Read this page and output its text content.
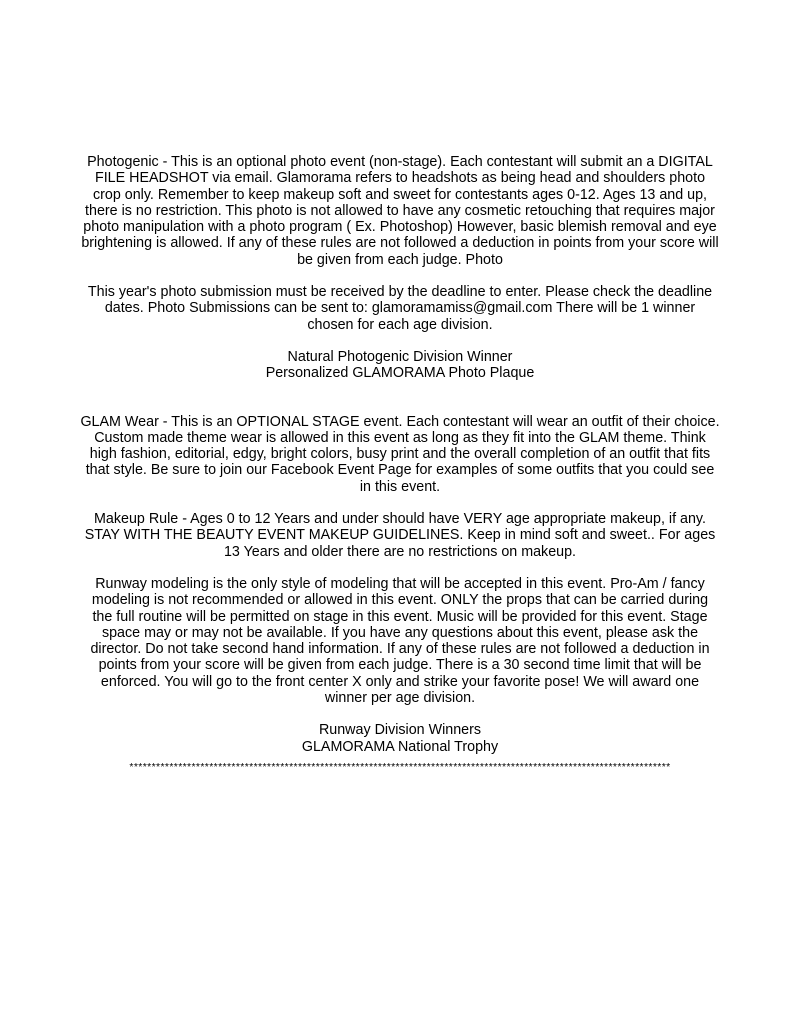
Photogenic - This is an optional photo event (non-stage). Each contestant will submit an a DIGITAL FILE HEADSHOT via email. Glamorama refers to headshots as being head and shoulders photo crop only. Remember to keep makeup soft and sweet for contestants ages 0-12. Ages 13 and up, there is no restriction. This photo is not allowed to have any cosmetic retouching that requires major photo manipulation with a photo program ( Ex. Photoshop) However, basic blemish removal and eye brightening is allowed. If any of these rules are not followed a deduction in points from your score will be given from each judge. Photo
This year's photo submission must be received by the deadline to enter. Please check the deadline dates. Photo Submissions can be sent to: glamoramamiss@gmail.com There will be 1 winner chosen for each age division.
Natural Photogenic Division Winner
Personalized GLAMORAMA Photo Plaque
GLAM Wear - This is an OPTIONAL STAGE event. Each contestant will wear an outfit of their choice. Custom made theme wear is allowed in this event as long as they fit into the GLAM theme. Think high fashion, editorial, edgy, bright colors, busy print and the overall completion of an outfit that fits that style. Be sure to join our Facebook Event Page for examples of some outfits that you could see in this event.
Makeup Rule - Ages 0 to 12 Years and under should have VERY age appropriate makeup, if any. STAY WITH THE BEAUTY EVENT MAKEUP GUIDELINES. Keep in mind soft and sweet.. For ages 13 Years and older there are no restrictions on makeup.
Runway modeling is the only style of modeling that will be accepted in this event. Pro-Am / fancy modeling is not recommended or allowed in this event. ONLY the props that can be carried during the full routine will be permitted on stage in this event. Music will be provided for this event. Stage space may or may not be available. If you have any questions about this event, please ask the director. Do not take second hand information. If any of these rules are not followed a deduction in points from your score will be given from each judge. There is a 30 second time limit that will be enforced. You will go to the front center X only and strike your favorite pose! We will award one winner per age division.
Runway Division Winners
GLAMORAMA National Trophy
**************************************************************************************************************************
